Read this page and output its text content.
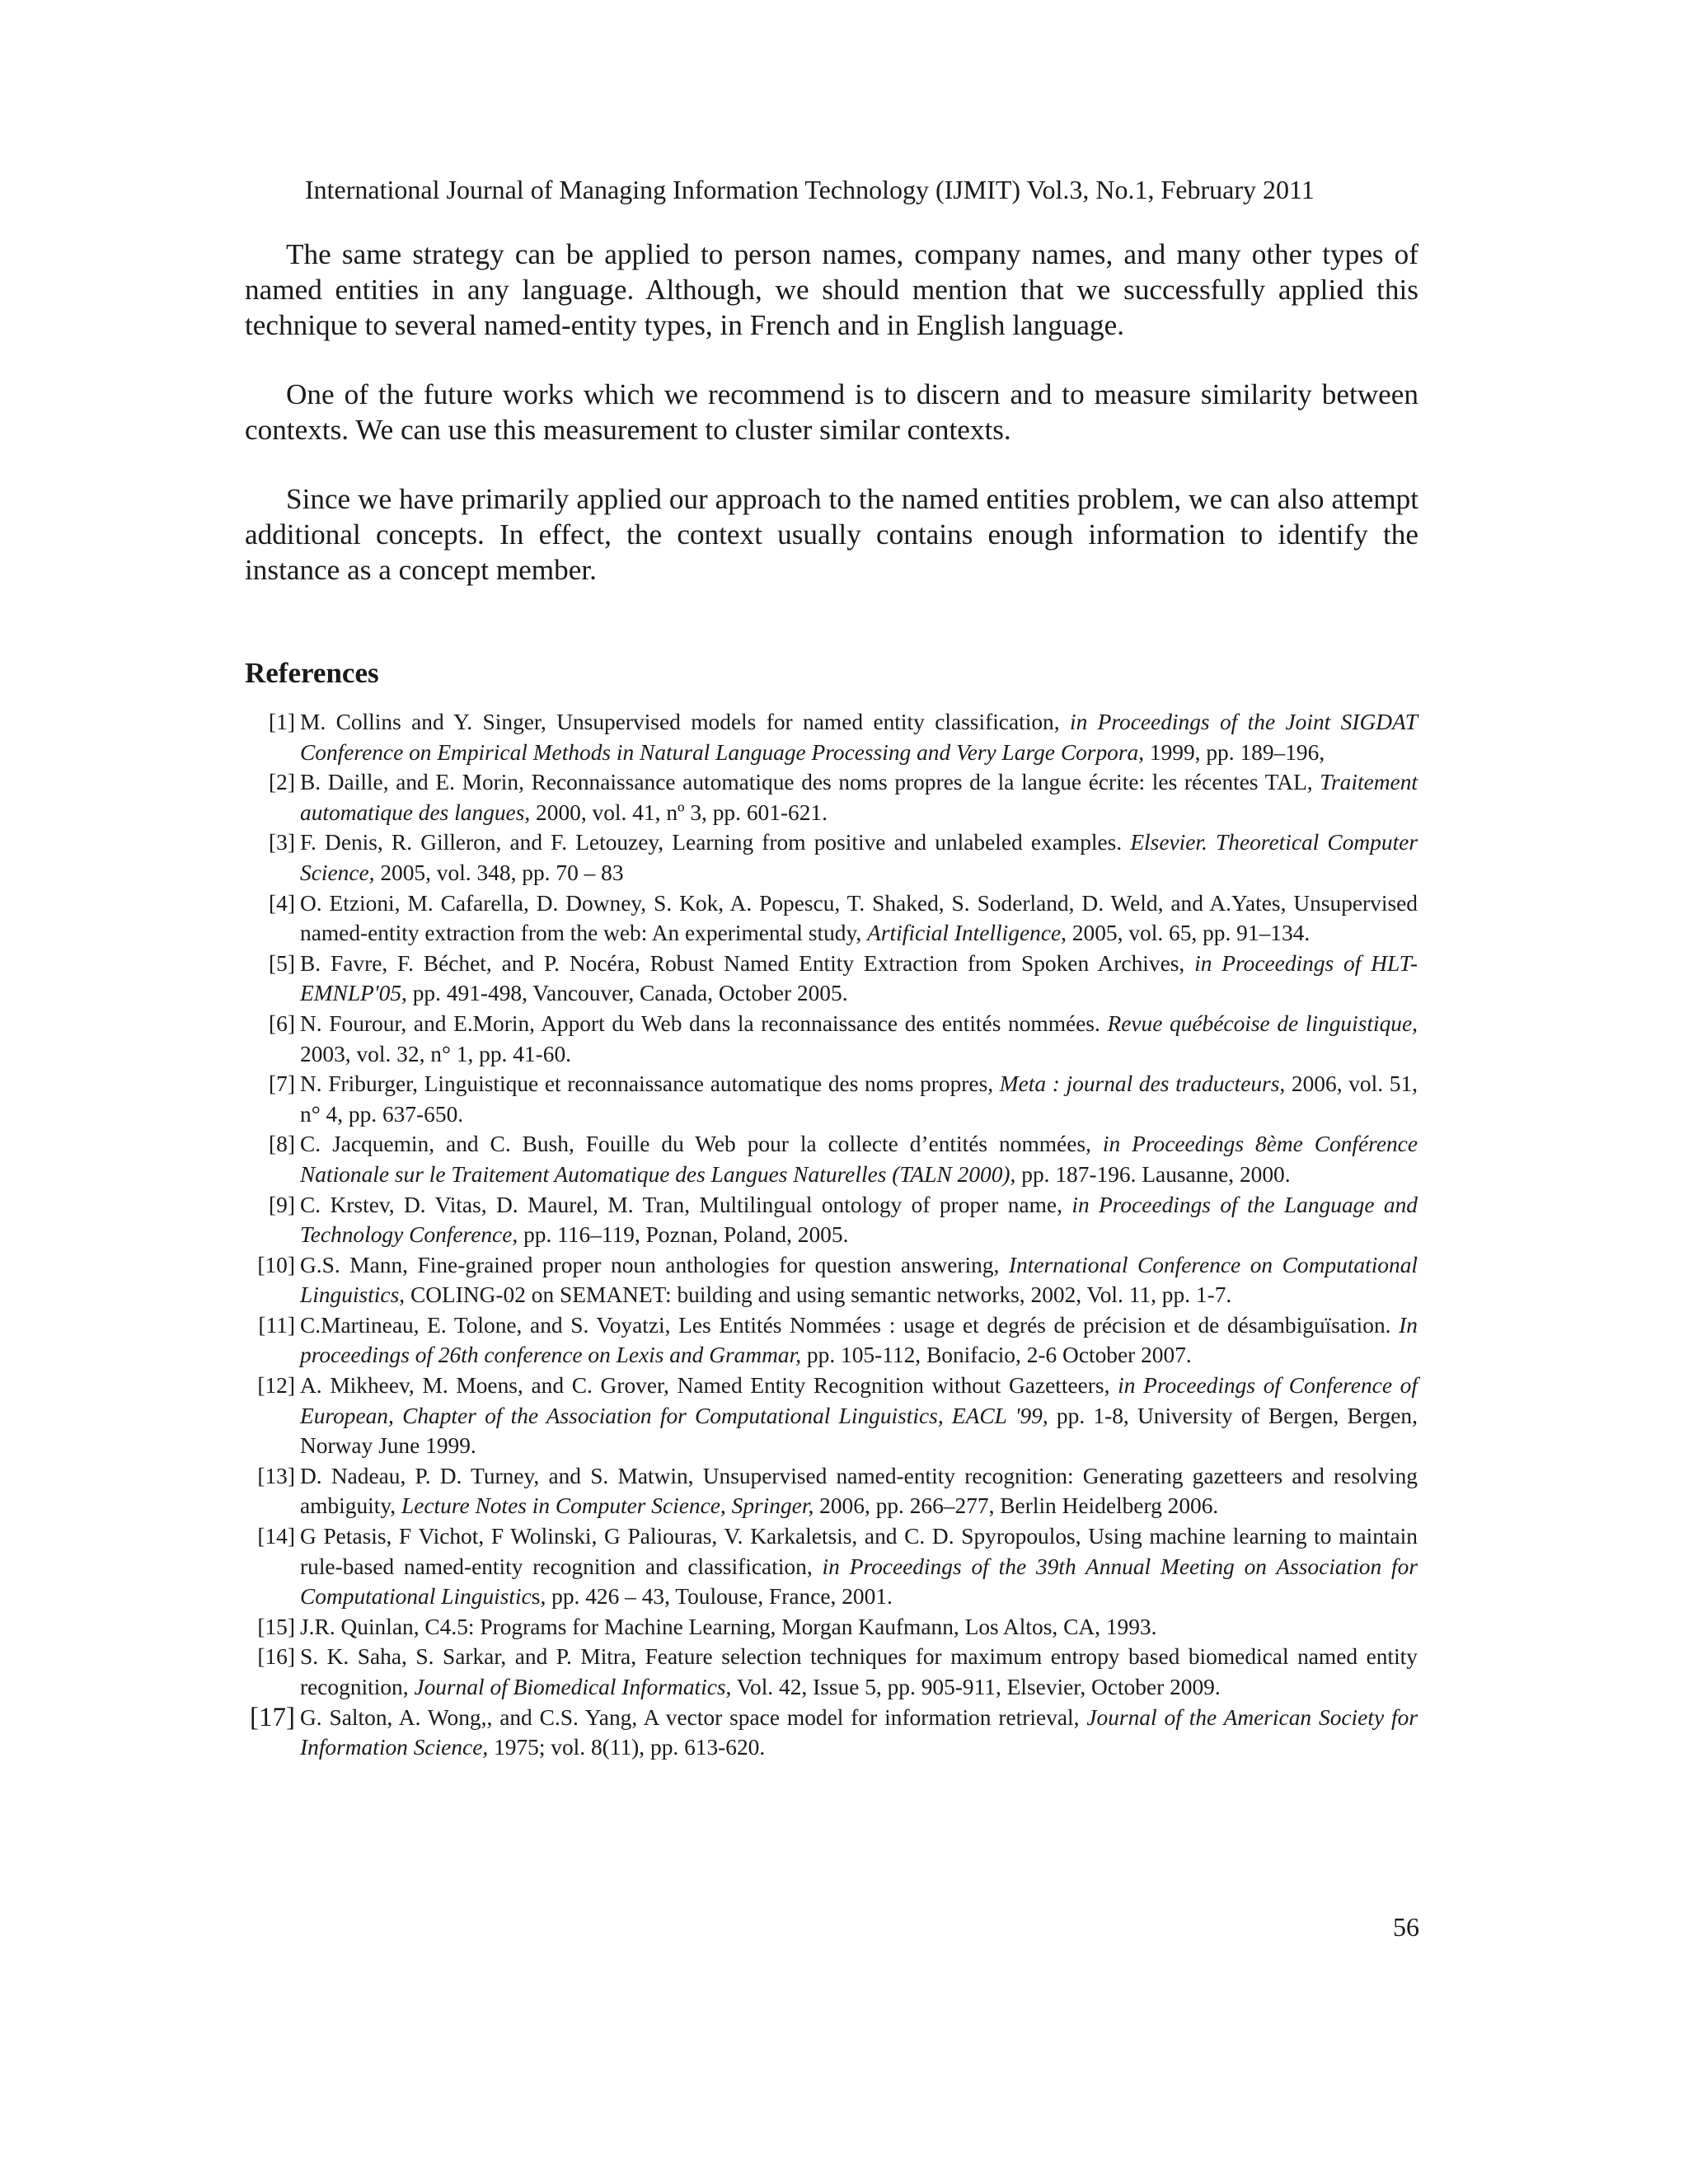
International Journal of Managing Information Technology (IJMIT) Vol.3, No.1, February 2011

The same strategy can be applied to person names, company names, and many other types of named entities in any language. Although, we should mention that we successfully applied this technique to several named-entity types, in French and in English language.

One of the future works which we recommend is to discern and to measure similarity between contexts. We can use this measurement to cluster similar contexts.

Since we have primarily applied our approach to the named entities problem, we can also attempt additional concepts. In effect, the context usually contains enough information to identify the instance as a concept member.

References
[1] M. Collins and Y. Singer, Unsupervised models for named entity classification, in Proceedings of the Joint SIGDAT Conference on Empirical Methods in Natural Language Processing and Very Large Corpora, 1999, pp. 189–196,
[2] B. Daille, and E. Morin, Reconnaissance automatique des noms propres de la langue écrite: les récentes TAL, Traitement automatique des langues, 2000, vol. 41, nº 3, pp. 601-621.
[3] F. Denis, R. Gilleron, and F. Letouzey, Learning from positive and unlabeled examples. Elsevier. Theoretical Computer Science, 2005, vol. 348, pp. 70 – 83
[4] O. Etzioni, M. Cafarella, D. Downey, S. Kok, A. Popescu, T. Shaked, S. Soderland, D. Weld, and A.Yates, Unsupervised named-entity extraction from the web: An experimental study, Artificial Intelligence, 2005, vol. 65, pp. 91–134.
[5] B. Favre, F. Béchet, and P. Nocéra, Robust Named Entity Extraction from Spoken Archives, in Proceedings of HLT-EMNLP'05, pp. 491-498, Vancouver, Canada, October 2005.
[6] N. Fourour, and E.Morin, Apport du Web dans la reconnaissance des entités nommées. Revue québécoise de linguistique, 2003, vol. 32, n° 1, pp. 41-60.
[7] N. Friburger, Linguistique et reconnaissance automatique des noms propres, Meta : journal des traducteurs, 2006, vol. 51, n° 4, pp. 637-650.
[8] C. Jacquemin, and C. Bush, Fouille du Web pour la collecte d’entités nommées, in Proceedings 8ème Conférence Nationale sur le Traitement Automatique des Langues Naturelles (TALN 2000), pp. 187-196. Lausanne, 2000.
[9] C. Krstev, D. Vitas, D. Maurel, M. Tran, Multilingual ontology of proper name, in Proceedings of the Language and Technology Conference, pp. 116–119, Poznan, Poland, 2005.
[10] G.S. Mann, Fine-grained proper noun anthologies for question answering, International Conference on Computational Linguistics, COLING-02 on SEMANET: building and using semantic networks, 2002, Vol. 11, pp. 1-7.
[11] C.Martineau, E. Tolone, and S. Voyatzi, Les Entités Nommées : usage et degrés de précision et de désambiguïsation. In proceedings of 26th conference on Lexis and Grammar, pp. 105-112, Bonifacio, 2-6 October 2007.
[12] A. Mikheev, M. Moens, and C. Grover, Named Entity Recognition without Gazetteers, in Proceedings of Conference of European, Chapter of the Association for Computational Linguistics, EACL '99, pp. 1-8, University of Bergen, Bergen, Norway June 1999.
[13] D. Nadeau, P. D. Turney, and S. Matwin, Unsupervised named-entity recognition: Generating gazetteers and resolving ambiguity, Lecture Notes in Computer Science, Springer, 2006, pp. 266–277, Berlin Heidelberg 2006.
[14] G Petasis, F Vichot, F Wolinski, G Paliouras, V. Karkaletsis, and C. D. Spyropoulos, Using machine learning to maintain rule-based named-entity recognition and classification, in Proceedings of the 39th Annual Meeting on Association for Computational Linguistics, pp. 426 – 43, Toulouse, France, 2001.
[15] J.R. Quinlan, C4.5: Programs for Machine Learning, Morgan Kaufmann, Los Altos, CA, 1993.
[16] S. K. Saha, S. Sarkar, and P. Mitra, Feature selection techniques for maximum entropy based biomedical named entity recognition, Journal of Biomedical Informatics, Vol. 42, Issue 5, pp. 905-911, Elsevier, October 2009.
[17] G. Salton, A. Wong,, and C.S. Yang, A vector space model for information retrieval, Journal of the American Society for Information Science, 1975; vol. 8(11), pp. 613-620.
56
